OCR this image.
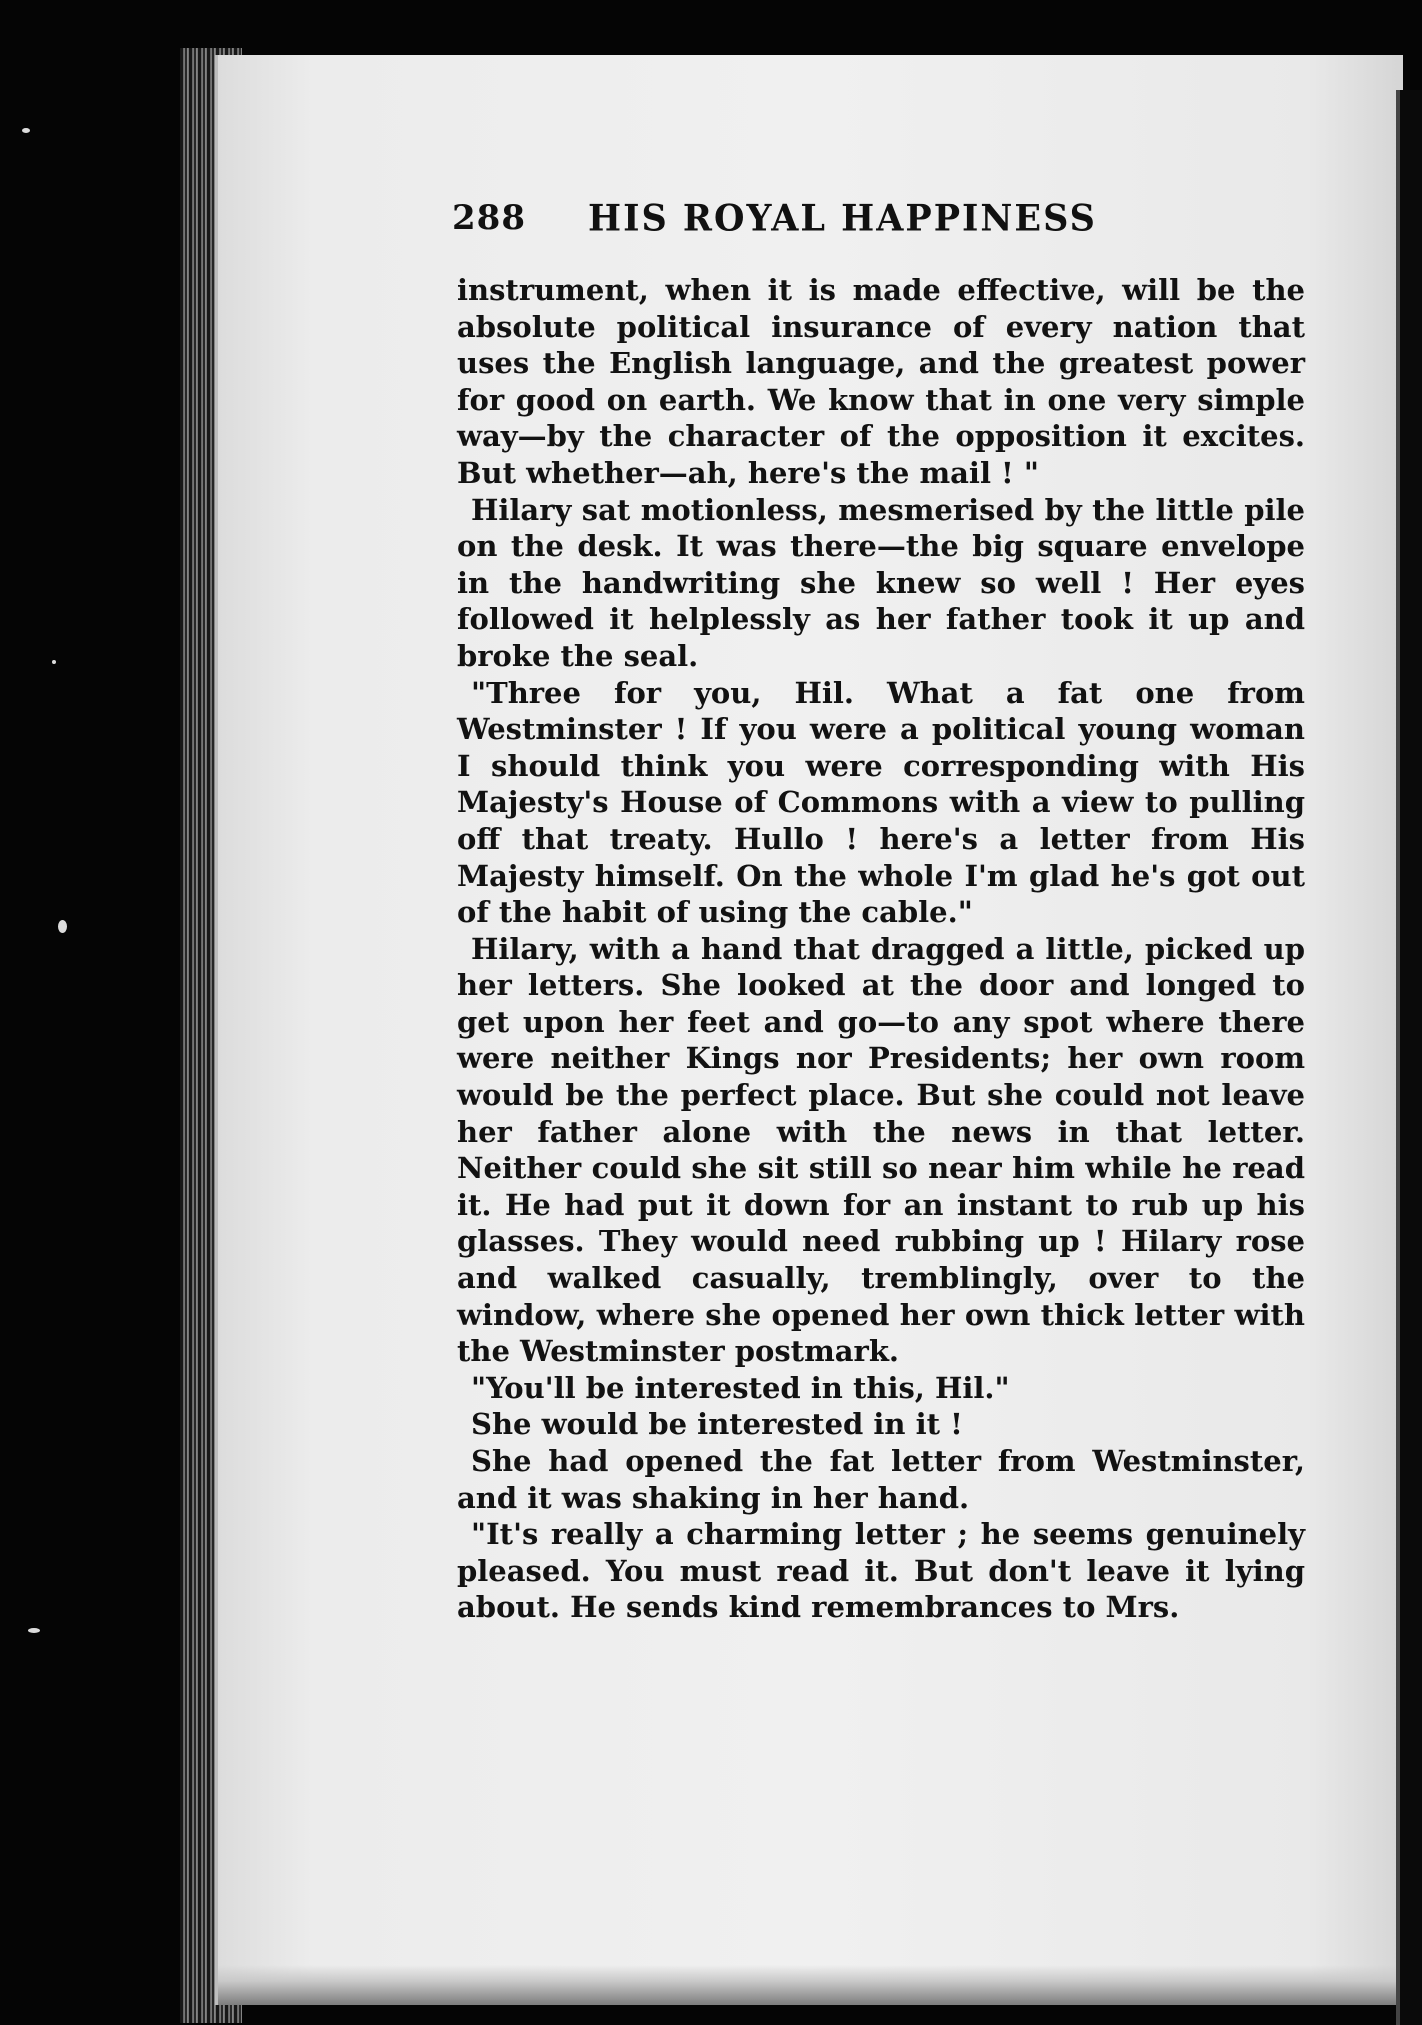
288 HIS ROYAL HAPPINESS

instrument, when it is made effective, will be the absolute political insurance of every nation that uses the English language, and the greatest power for good on earth. We know that in one very simple way—by the character of the opposition it excites. But whether—ah, here's the mail ! "

Hilary sat motionless, mesmerised by the little pile on the desk. It was there—the big square envelope in the handwriting she knew so well ! Her eyes followed it helplessly as her father took it up and broke the seal.

"Three for you, Hil. What a fat one from Westminster ! If you were a political young woman I should think you were corresponding with His Majesty's House of Commons with a view to pulling off that treaty. Hullo ! here's a letter from His Majesty himself. On the whole I'm glad he's got out of the habit of using the cable."

Hilary, with a hand that dragged a little, picked up her letters. She looked at the door and longed to get upon her feet and go—to any spot where there were neither Kings nor Presidents; her own room would be the perfect place. But she could not leave her father alone with the news in that letter. Neither could she sit still so near him while he read it. He had put it down for an instant to rub up his glasses. They would need rubbing up ! Hilary rose and walked casually, tremblingly, over to the window, where she opened her own thick letter with the Westminster postmark.

"You'll be interested in this, Hil."

She would be interested in it !

She had opened the fat letter from Westminster, and it was shaking in her hand.

"It's really a charming letter ; he seems genuinely pleased. You must read it. But don't leave it lying about. He sends kind remembrances to Mrs.
